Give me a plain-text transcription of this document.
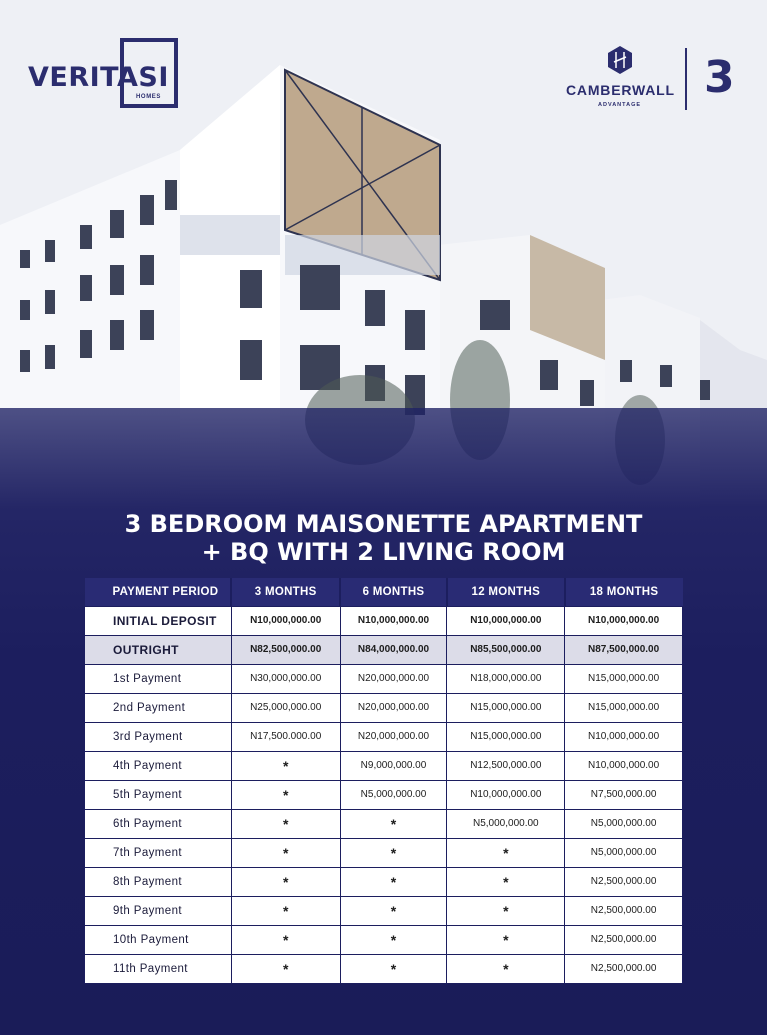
VERITASI
HOMES	CAMBERWALL
ADVANTAGE
3
3 BEDROOM MAISONETTE APARTMENT
+ BQ WITH 2 LIVING ROOM
PAYMENT PERIOD	3 MONTHS	6 MONTHS	12 MONTHS	18 MONTHS
INITIAL DEPOSIT	N10,000,000.00	N10,000,000.00	N10,000,000.00	N10,000,000.00
OUTRIGHT	N82,500,000.00	N84,000,000.00	N85,500,000.00	N87,500,000.00
1st Payment	N30,000,000.00	N20,000,000.00	N18,000,000.00	N15,000,000.00
2nd Payment	N25,000,000.00	N20,000,000.00	N15,000,000.00	N15,000,000.00
3rd Payment	N17,500.000.00	N20,000,000.00	N15,000,000.00	N10,000,000.00
4th Payment	*	N9,000,000.00	N12,500,000.00	N10,000,000.00
5th Payment	*	N5,000,000.00	N10,000,000.00	N7,500,000.00
6th Payment	*	*	N5,000,000.00	N5,000,000.00
7th Payment	*	*	*	N5,000,000.00
8th Payment	*	*	*	N2,500,000.00
9th Payment	*	*	*	N2,500,000.00
10th Payment	*	*	*	N2,500,000.00
11th Payment	*	*	*	N2,500,000.00
